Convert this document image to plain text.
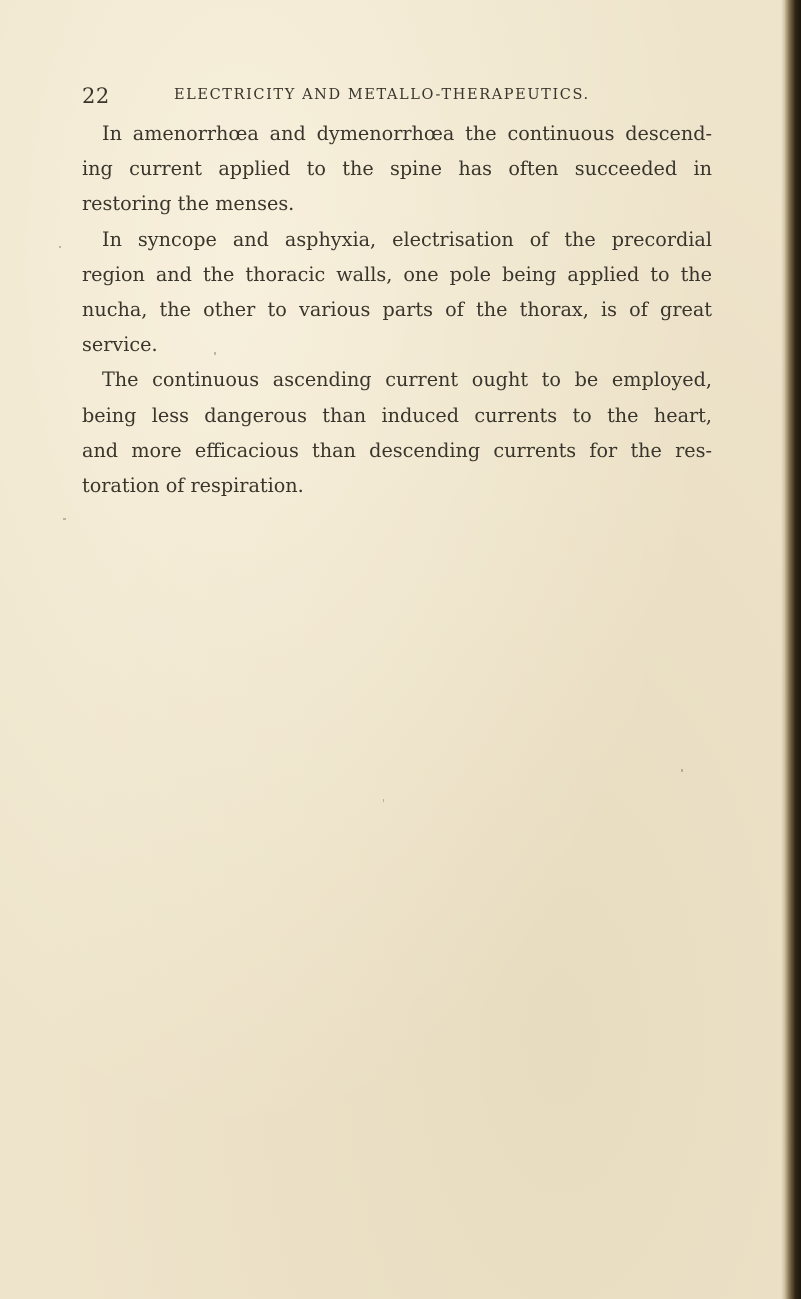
22	ELECTRICITY AND METALLO-THERAPEUTICS.
In amenorrhœa and dymenorrhœa the continuous descend-
ing current applied to the spine has often succeeded in
restoring the menses.
In syncope and asphyxia, electrisation of the precordial
region and the thoracic walls, one pole being applied to the
nucha, the other to various parts of the thorax, is of great
service.
The continuous ascending current ought to be employed,
being less dangerous than induced currents to the heart,
and more efficacious than descending currents for the res-
toration of respiration.
